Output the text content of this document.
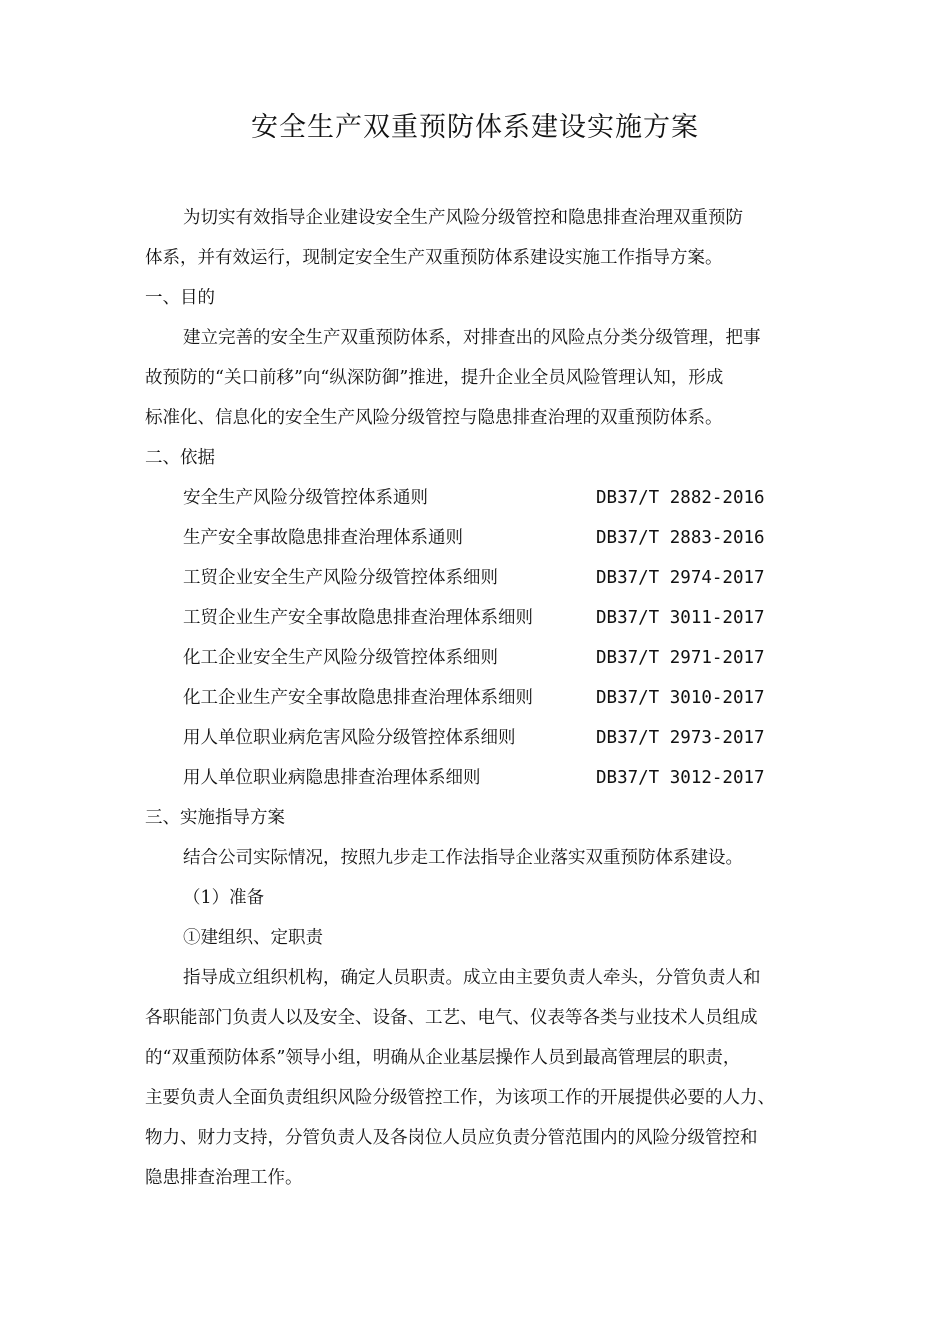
安全生产双重预防体系建设实施方案
为切实有效指导企业建设安全生产风险分级管控和隐患排查治理双重预防
体系，并有效运行，现制定安全生产双重预防体系建设实施工作指导方案。
一、目的
建立完善的安全生产双重预防体系，对排查出的风险点分类分级管理，把事
故预防的“关口前移”向“纵深防御”推进，提升企业全员风险管理认知，形成
标准化、信息化的安全生产风险分级管控与隐患排查治理的双重预防体系。
二、依据
安全生产风险分级管控体系通则	DB37/T 2882-2016
生产安全事故隐患排查治理体系通则	DB37/T 2883-2016
工贸企业安全生产风险分级管控体系细则	DB37/T 2974-2017
工贸企业生产安全事故隐患排查治理体系细则	DB37/T 3011-2017
化工企业安全生产风险分级管控体系细则	DB37/T 2971-2017
化工企业生产安全事故隐患排查治理体系细则	DB37/T 3010-2017
用人单位职业病危害风险分级管控体系细则	DB37/T 2973-2017
用人单位职业病隐患排查治理体系细则	DB37/T 3012-2017
三、实施指导方案
结合公司实际情况，按照九步走工作法指导企业落实双重预防体系建设。
（1）准备
①建组织、定职责
指导成立组织机构，确定人员职责。成立由主要负责人牵头，分管负责人和
各职能部门负责人以及安全、设备、工艺、电气、仪表等各类与业技术人员组成
的“双重预防体系”领导小组，明确从企业基层操作人员到最高管理层的职责，
主要负责人全面负责组织风险分级管控工作，为该项工作的开展提供必要的人力、
物力、财力支持，分管负责人及各岗位人员应负责分管范围内的风险分级管控和
隐患排查治理工作。
